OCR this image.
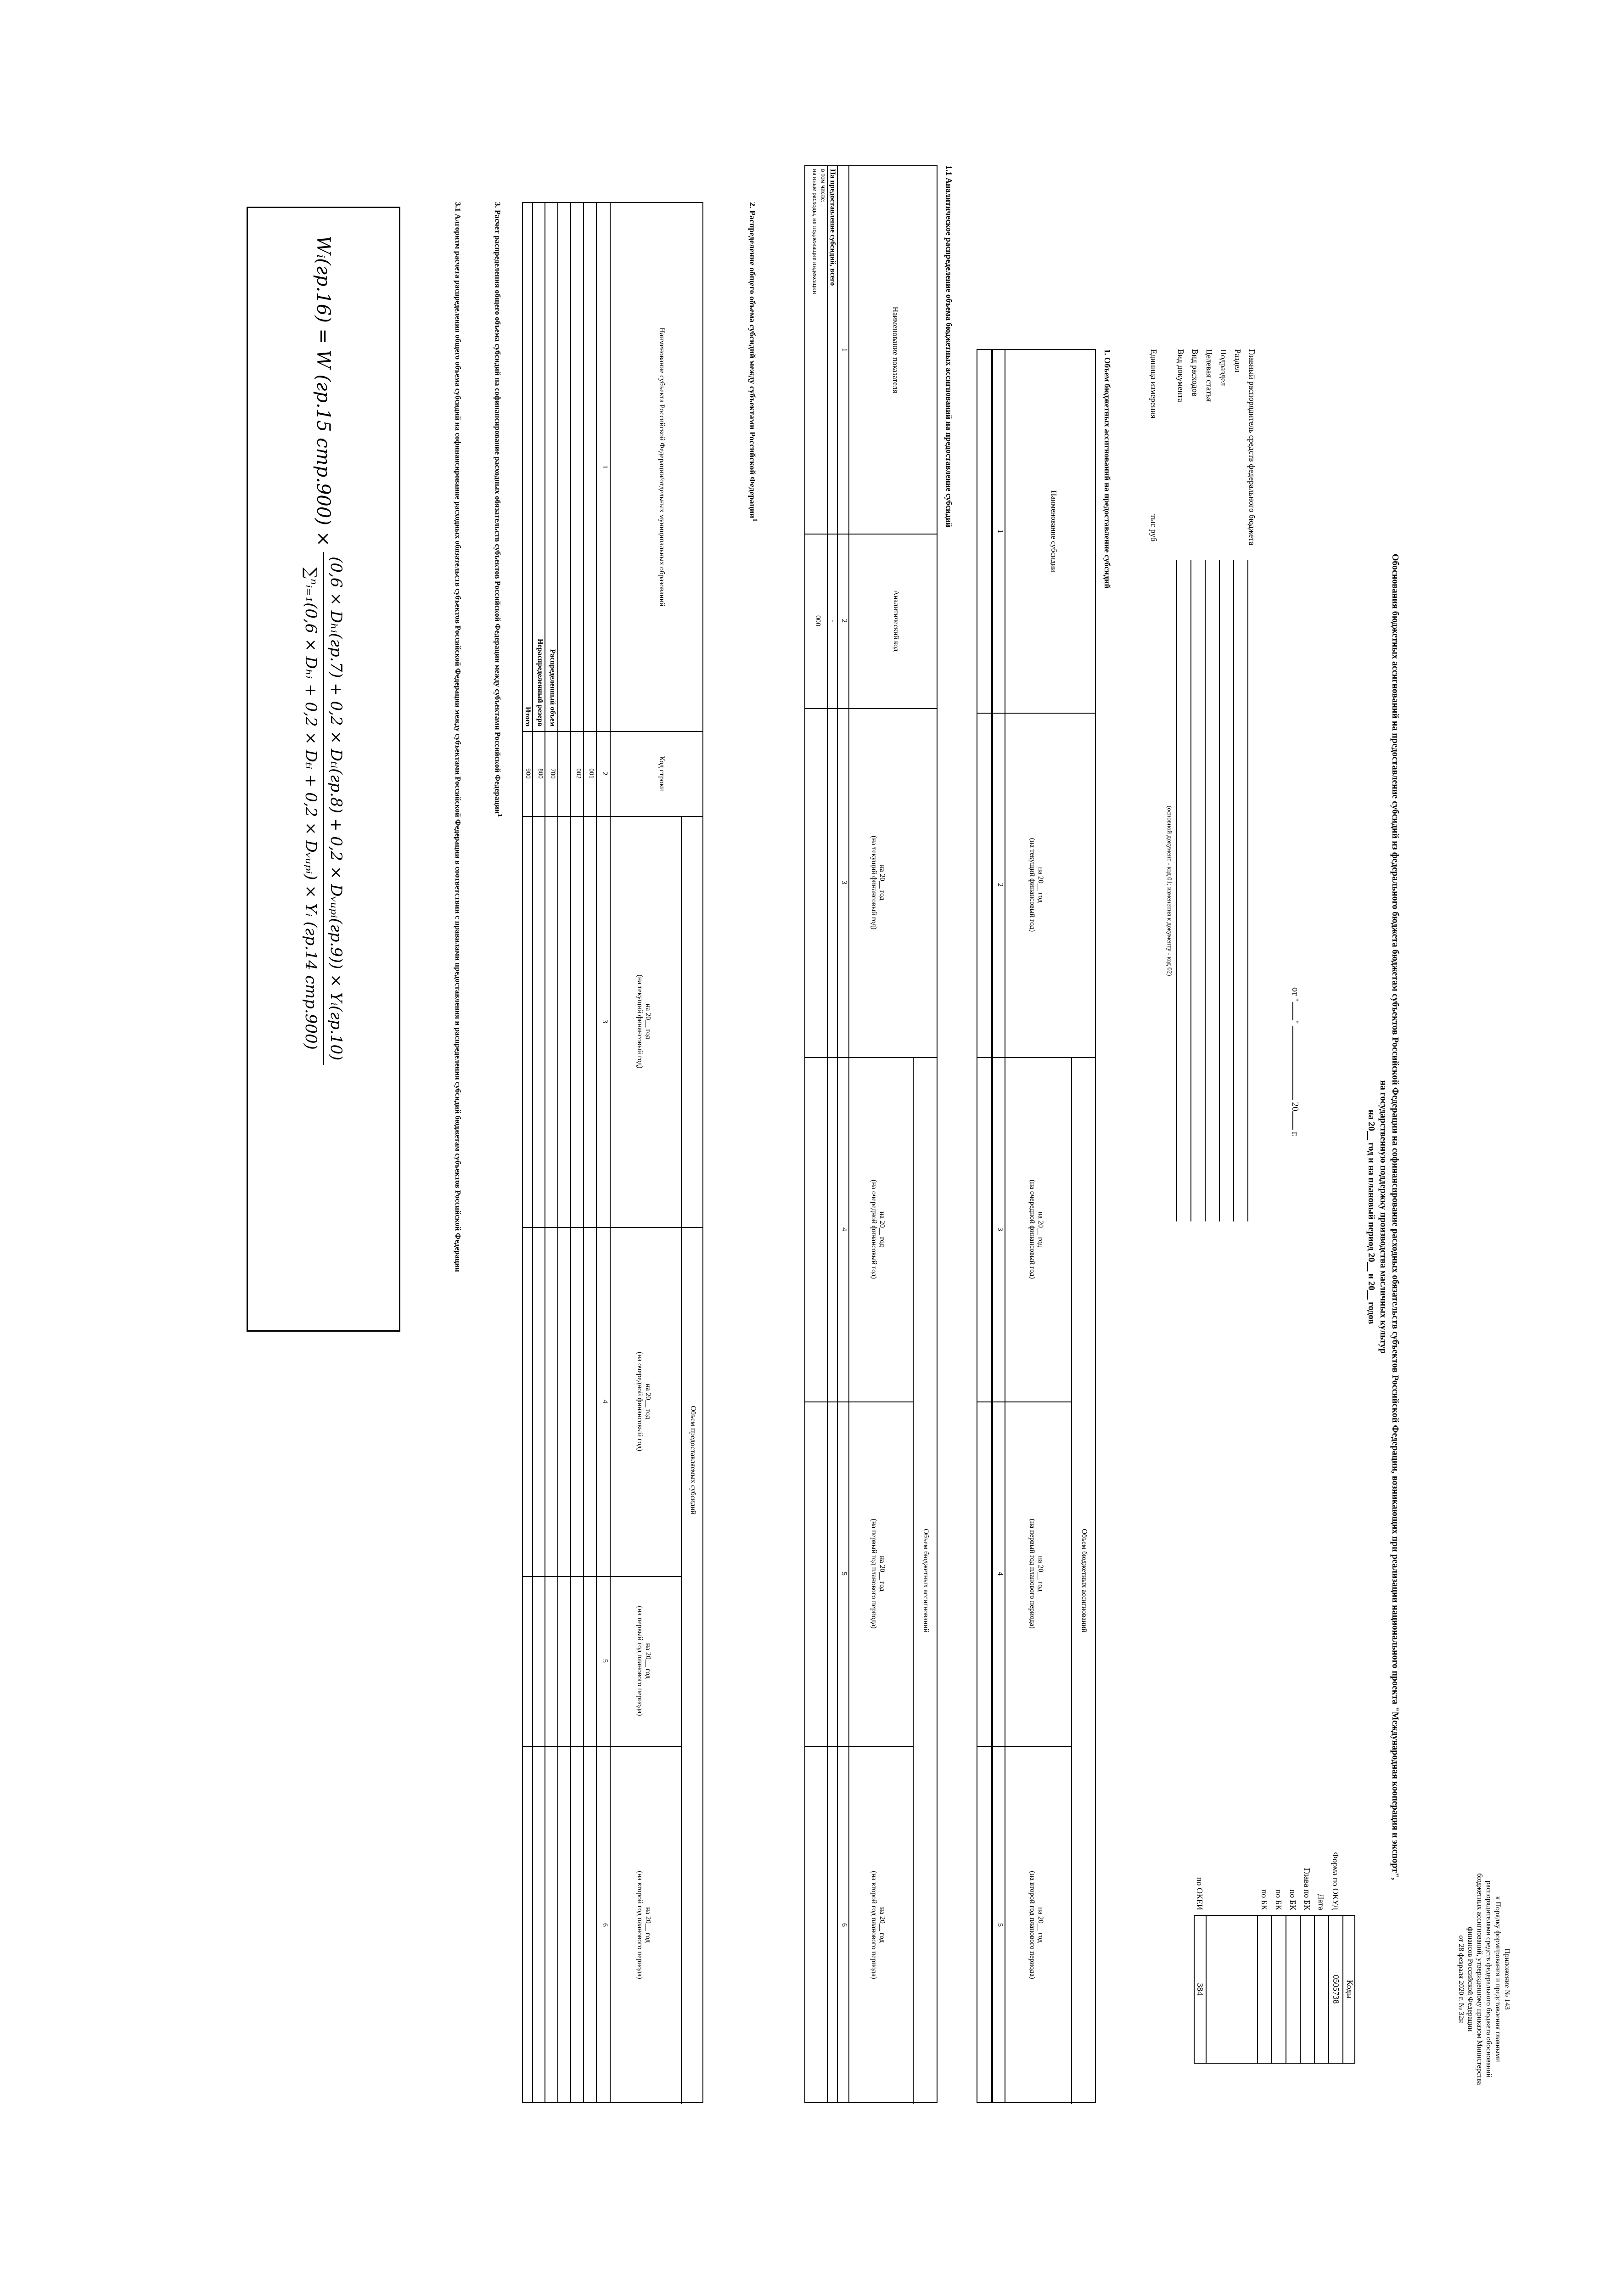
Приложение № 143
к Порядку формирования и представления главными
распорядителями средств федерального бюджета обоснований
бюджетных ассигнований, утвержденному приказом Министерства
финансов Российской Федерации
от 28 февраля 2020 г. № 32н
Обоснования бюджетных ассигнований на предоставление субсидий из федерального бюджета бюджетам субъектов Российской Федерации на софинансирование расходных обязательств субъектов Российской Федерации, возникающих при реализации национального проекта "Международная кооперация и экспорт",
на государственную поддержку производства масличных культур
на 20__ год и на плановый период 20__ и 20__ годов
от ""  20 г.
Главный распорядитель средств федерального бюджета
Раздел
Подраздел
Целевая статья
Вид расходов
Вид документа
(основной документ - код 01; изменения к документу - код 02)
Единица измерения
тыс руб
Коды
Форма по ОКУД
0505738
Дата
Глава по БК
по БК
по БК
по БК
по ОКЕИ
384
1. Объем бюджетных ассигнований на предоставление субсидий
Наименование субсидии
Объем бюджетных ассигнований
на 20__ год
(на текущий финансовый год)
на 20__ год
(на очередной финансовый год)
на 20__ год
(на первый год планового периода)
на 20__ год
(на второй год планового периода)
1
2
3
4
5
1.1 Аналитическое распределение объема бюджетных ассигнований на предоставление субсидий
Наименование показателя
Аналитический код
Объем бюджетных ассигнований
на 20__ год
(на текущий финансовый год)
на 20__ год
(на очередной финансовый год)
на 20__ год
(на первый год планового периода)
на 20__ год
(на второй год планового периода)
1
2
3
4
5
6
На предоставление субсидий, всего
-
в том числе:
на иные расходы, не подлежащие индексации
000
2. Распределение общего объема субсидий между субъектами Российской Федерации$^1$
Наименование субъекта Российской Федерации/отдельных муниципальных образований
Код строки
Объем предоставляемых субсидий
на 20__ год
(на текущий финансовый год)
на 20__ год
(на очередной финансовый год)
на 20__ год
(на первый год планового периода)
на 20__ год
(на второй год планового периода)
1
2
3
4
5
6
001
002
Распределенный объем
700
Нераспределенный резерв
800
Итого
900
3. Расчет распределения общего объема субсидий на софинансирование расходных обязательств субъектов Российской Федерации между субъектами Российской Федерации$^1$
3.1 Алгоритм расчета распределения общего объема субсидий на софинансирование расходных обязательств субъектов Российской Федерации между субъектами Российской Федерации в соответствии с правилами предоставления и распределения субсидий бюджетам субъектов Российской Федерации
Wᵢ(гр.16) = W (гр.15 стр.900) ×
(0,6 × Dₕᵢ(гр.7) + 0,2 × Dₜᵢ(гр.8) + 0,2 × Dᵥᵤₚᵢ(гр.9)) × Yᵢ(гр.10)
∑ⁿᵢ₌₁(0,6 × Dₕᵢ + 0,2 × Dₜᵢ + 0,2 × Dᵥᵤₚᵢ) × Yᵢ (гр.14 стр.900)
